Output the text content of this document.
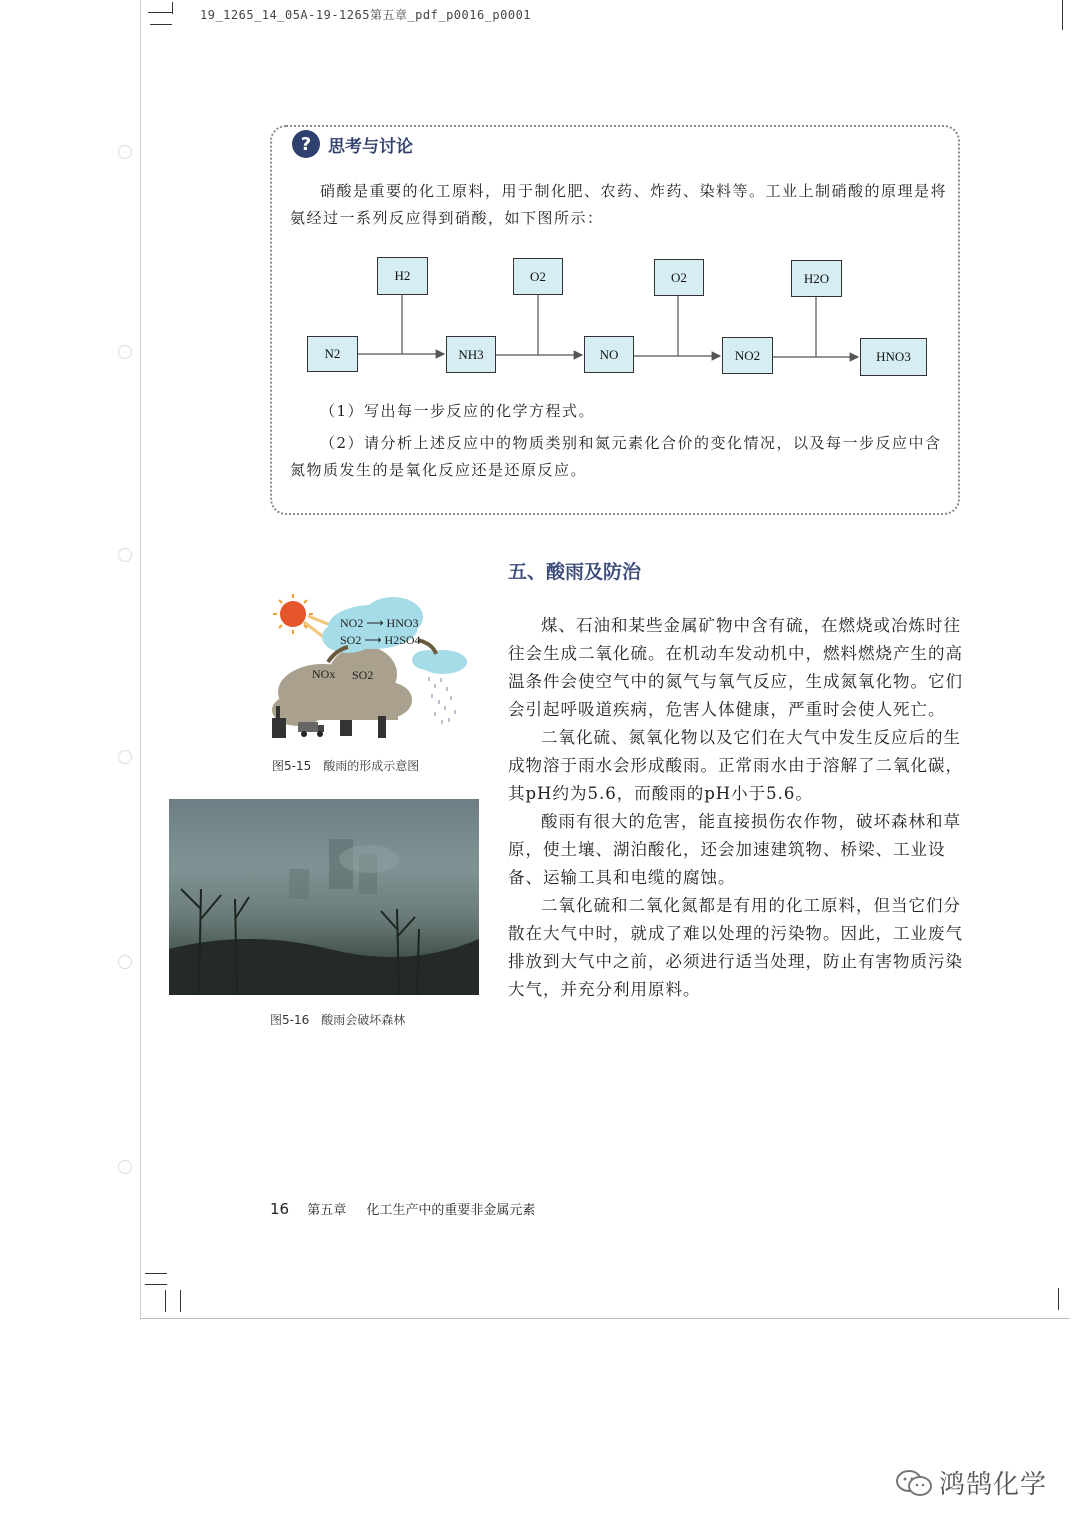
19_1265_14_05A-19-1265第五章_pdf_p0016_p0001
? 思考与讨论
硝酸是重要的化工原料，用于制化肥、农药、炸药、染料等。工业上制硝酸的原理是将氨经过一系列反应得到硝酸，如下图所示：
N2	NH3	NO	NO2	HNO3
H2	O2	O2	H2O
（1）写出每一步反应的化学方程式。
（2）请分析上述反应中的物质类别和氮元素化合价的变化情况，以及每一步反应中含氮物质发生的是氧化反应还是还原反应。
五、酸雨及防治

煤、石油和某些金属矿物中含有硫，在燃烧或冶炼时往往会生成二氧化硫。在机动车发动机中，燃料燃烧产生的高温条件会使空气中的氮气与氧气反应，生成氮氧化物。它们会引起呼吸道疾病，危害人体健康，严重时会使人死亡。

二氧化硫、氮氧化物以及它们在大气中发生反应后的生成物溶于雨水会形成酸雨。正常雨水由于溶解了二氧化碳，其pH约为5.6，而酸雨的pH小于5.6。

酸雨有很大的危害，能直接损伤农作物，破坏森林和草原，使土壤、湖泊酸化，还会加速建筑物、桥梁、工业设备、运输工具和电缆的腐蚀。

二氧化硫和二氧化氮都是有用的化工原料，但当它们分散在大气中时，就成了难以处理的污染物。因此，工业废气排放到大气中之前，必须进行适当处理，防止有害物质污染大气，并充分利用原料。

NO2 ⟶ HNO3
SO2 ⟶ H2SO4
NOx SO2
图5-15　酸雨的形成示意图
图5-16　酸雨会破坏森林
16 第五章 化工生产中的重要非金属元素
鸿鹄化学
